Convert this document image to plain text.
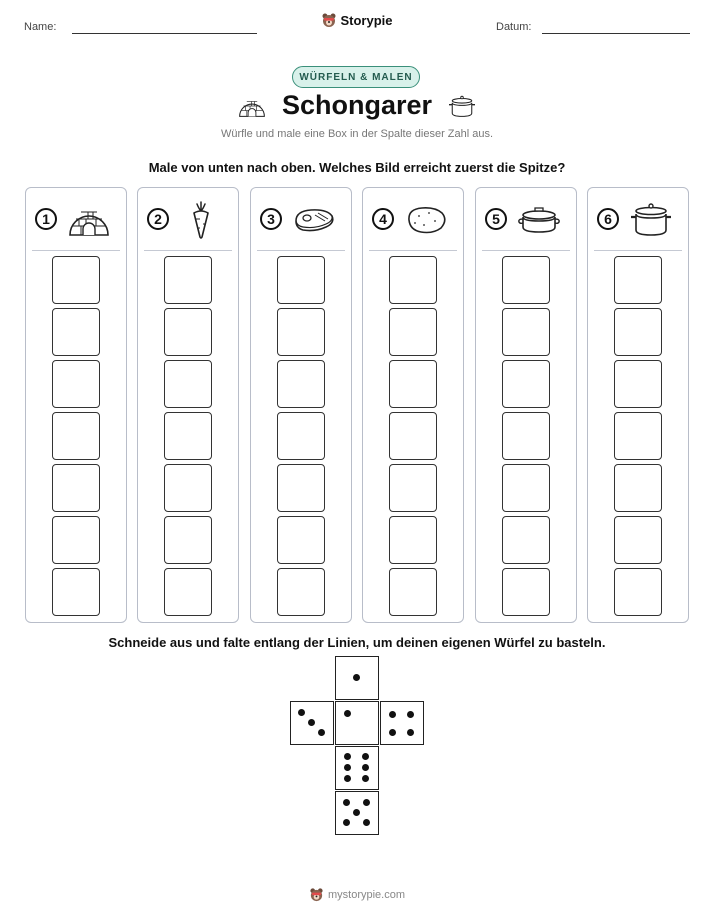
Name:	Storypie	Datum:
WÜRFELN & MALEN
Schongarer
Würfle und male eine Box in der Spalte dieser Zahl aus.
Male von unten nach oben. Welches Bild erreicht zuerst die Spitze?
1	2	3	4	5	6
Schneide aus und falte entlang der Linien, um deinen eigenen Würfel zu basteln.
mystorypie.com
